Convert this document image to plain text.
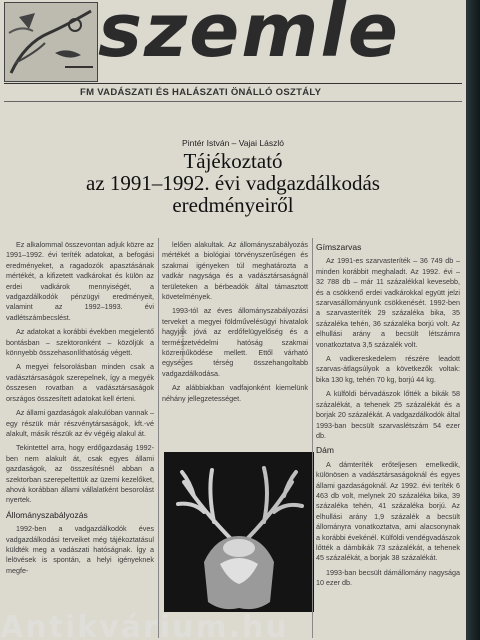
szemle
FM VADÁSZATI ÉS HALÁSZATI ÖNÁLLÓ OSZTÁLY
Pintér István – Vajai László
Tájékoztató
az 1991–1992. évi vadgazdálkodás
eredményeiről

Ez alkalommal összevontan adjuk közre az 1991–1992. évi teríték adatokat, a befogási eredményeket, a ragadozók apasztásának mértékét, a kifizetett vadkárokat és külön az erdei vadkárok mennyiségét, a vadgazdálkodók pénzügyi eredményeit, valamint az 1992–1993. évi vadlétszámbecslést.

Az adatokat a korábbi években megjelentő bontásban – szektoronként – közöljük a könnyebb összehasonlíthatóság végett.

A megyei felsorolásban minden csak a vadásztársaságok szerepelnek, így a megyék összesen rovatban a vadásztársaságok országos összesített adatokat kell érteni.

Az állami gazdaságok alakulóban vannak – egy részük már részvénytársaságok, kft.-vé alakult, másik részük az év végéig alakul át.

Tekintettel arra, hogy erdőgazdaság 1992-ben nem alakult át, csak egyes állami gazdaságok, az összesítésnél abban a szektorban szerepeltettük az üzemi kezelőket, ahová korábban állami vállalatként besorolást nyertek.

Állományszabályozás

1992-ben a vadgazdálkodók éves vadgazdálkodási terveiket még tájékoztatásul küldték meg a vadászati hatóságnak. Így a lelövések is spontán, a helyi igényeknek megfe-

Fotó: Kánya Ferenc

lelően alakultak. Az állományszabályozás mértékét a biológiai törvényszerűségen és szakmai igényeken túl meghatározta a vadkár nagysága és a vadásztársaságnál területeken a bérbeadók által támasztott követelmények.

1993-tól az éves állományszabályozási terveket a megyei földművelésügyi hivatalok hagyják jóvá az erdőfelügyelőség és a természetvédelmi hatóság szakmai közreműködése mellett. Ettől várható egységes térség összehangoltabb vadgazdálkodása.

Az alábbiakban vadfajonként kiemelünk néhány jellegzetességet.

Gímszarvas

Az 1991-es szarvasteríték – 36 749 db – minden korábbit meghaladt. Az 1992. évi – 32 788 db – már 11 százalékkal kevesebb, és a csökkenő erdei vadkárokkal együtt jelzi szarvasállományunk csökkenését. 1992-ben a szarvasteríték 29 százaléka bika, 35 százaléka tehén, 36 százaléka borjú volt. Az elhullási arány a becsült létszámra vonatkoztatva 3,5 százalék volt.

A vadkereskedelem részére leadott szarvas-átlagsúlyok a következők voltak: bika 130 kg, tehén 70 kg, borjú 44 kg.

A külföldi bérvadászok lőtték a bikák 58 százalékát, a tehenek 25 százalékát és a borjak 20 százalékát. A vadgazdálkodók által 1993-ban becsült szarvaslétszám 54 ezer db.

Dám

A dámteríték erőteljesen emelkedik, különösen a vadásztársaságoknál és egyes állami gazdaságoknál. Az 1992. évi teríték 6 463 db volt, melynek 20 százaléka bika, 39 százaléka tehén, 41 százaléka borjú. Az elhullási arány 1,9 százalék a becsült állományra vonatkoztatva, ami alacsonynak a korábbi évekénél. Külföldi vendégvadászok lőtték a dámbikák 73 százalékát, a tehenek 45 százalékát, a borjak 38 százalékát.

1993-ban becsült dámállomány nagysága 10 ezer db.

Antikvárium.hu
